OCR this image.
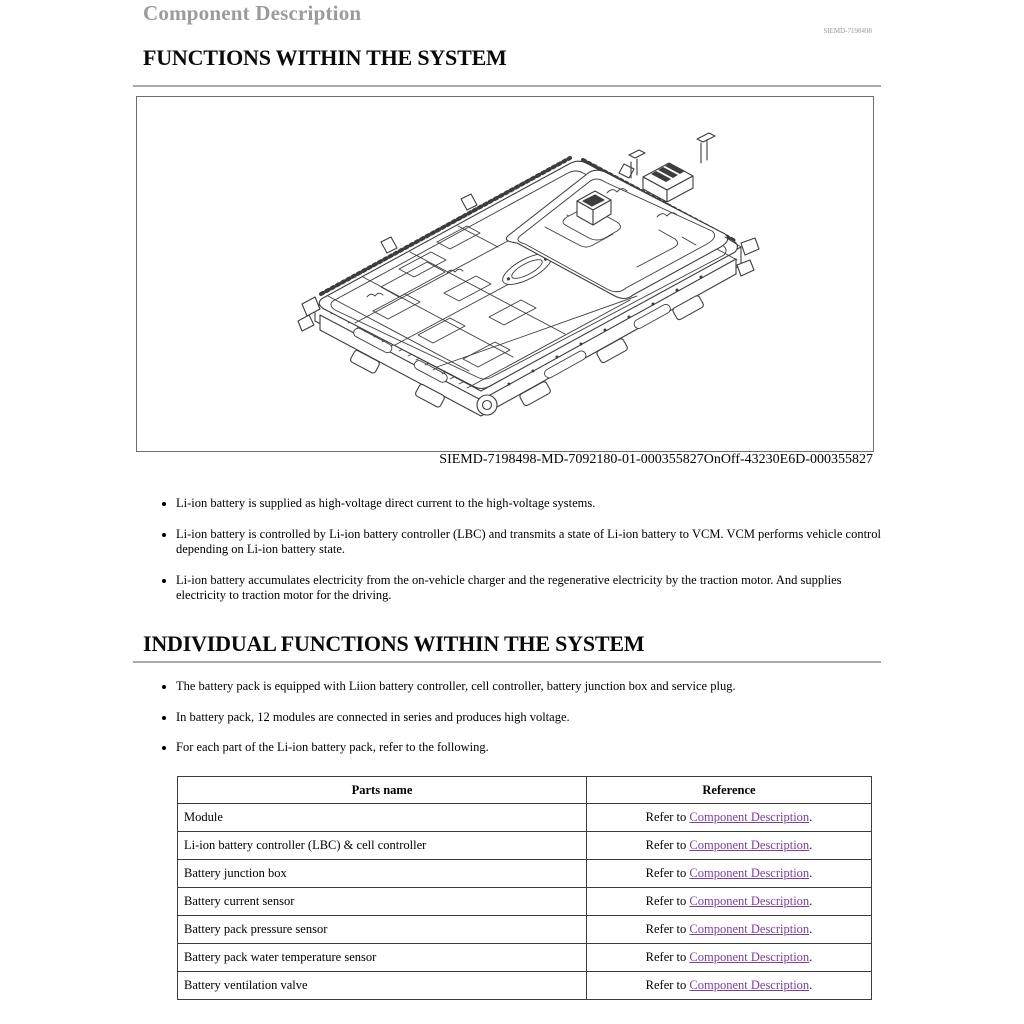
Component Description
SIEMD-7198498
FUNCTIONS WITHIN THE SYSTEM
SIEMD-7198498-MD-7092180-01-000355827OnOff-43230E6D-000355827
• Li-ion battery is supplied as high-voltage direct current to the high-voltage systems.
• Li-ion battery is controlled by Li-ion battery controller (LBC) and transmits a state of Li-ion battery to VCM. VCM performs vehicle control depending on Li-ion battery state.
• Li-ion battery accumulates electricity from the on-vehicle charger and the regenerative electricity by the traction motor. And supplies electricity to traction motor for the driving.
INDIVIDUAL FUNCTIONS WITHIN THE SYSTEM
• The battery pack is equipped with Liion battery controller, cell controller, battery junction box and service plug.
• In battery pack, 12 modules are connected in series and produces high voltage.
• For each part of the Li-ion battery pack, refer to the following.
Parts name	Reference
Module	Refer to Component Description.
Li-ion battery controller (LBC) & cell controller	Refer to Component Description.
Battery junction box	Refer to Component Description.
Battery current sensor	Refer to Component Description.
Battery pack pressure sensor	Refer to Component Description.
Battery pack water temperature sensor	Refer to Component Description.
Battery ventilation valve	Refer to Component Description.
